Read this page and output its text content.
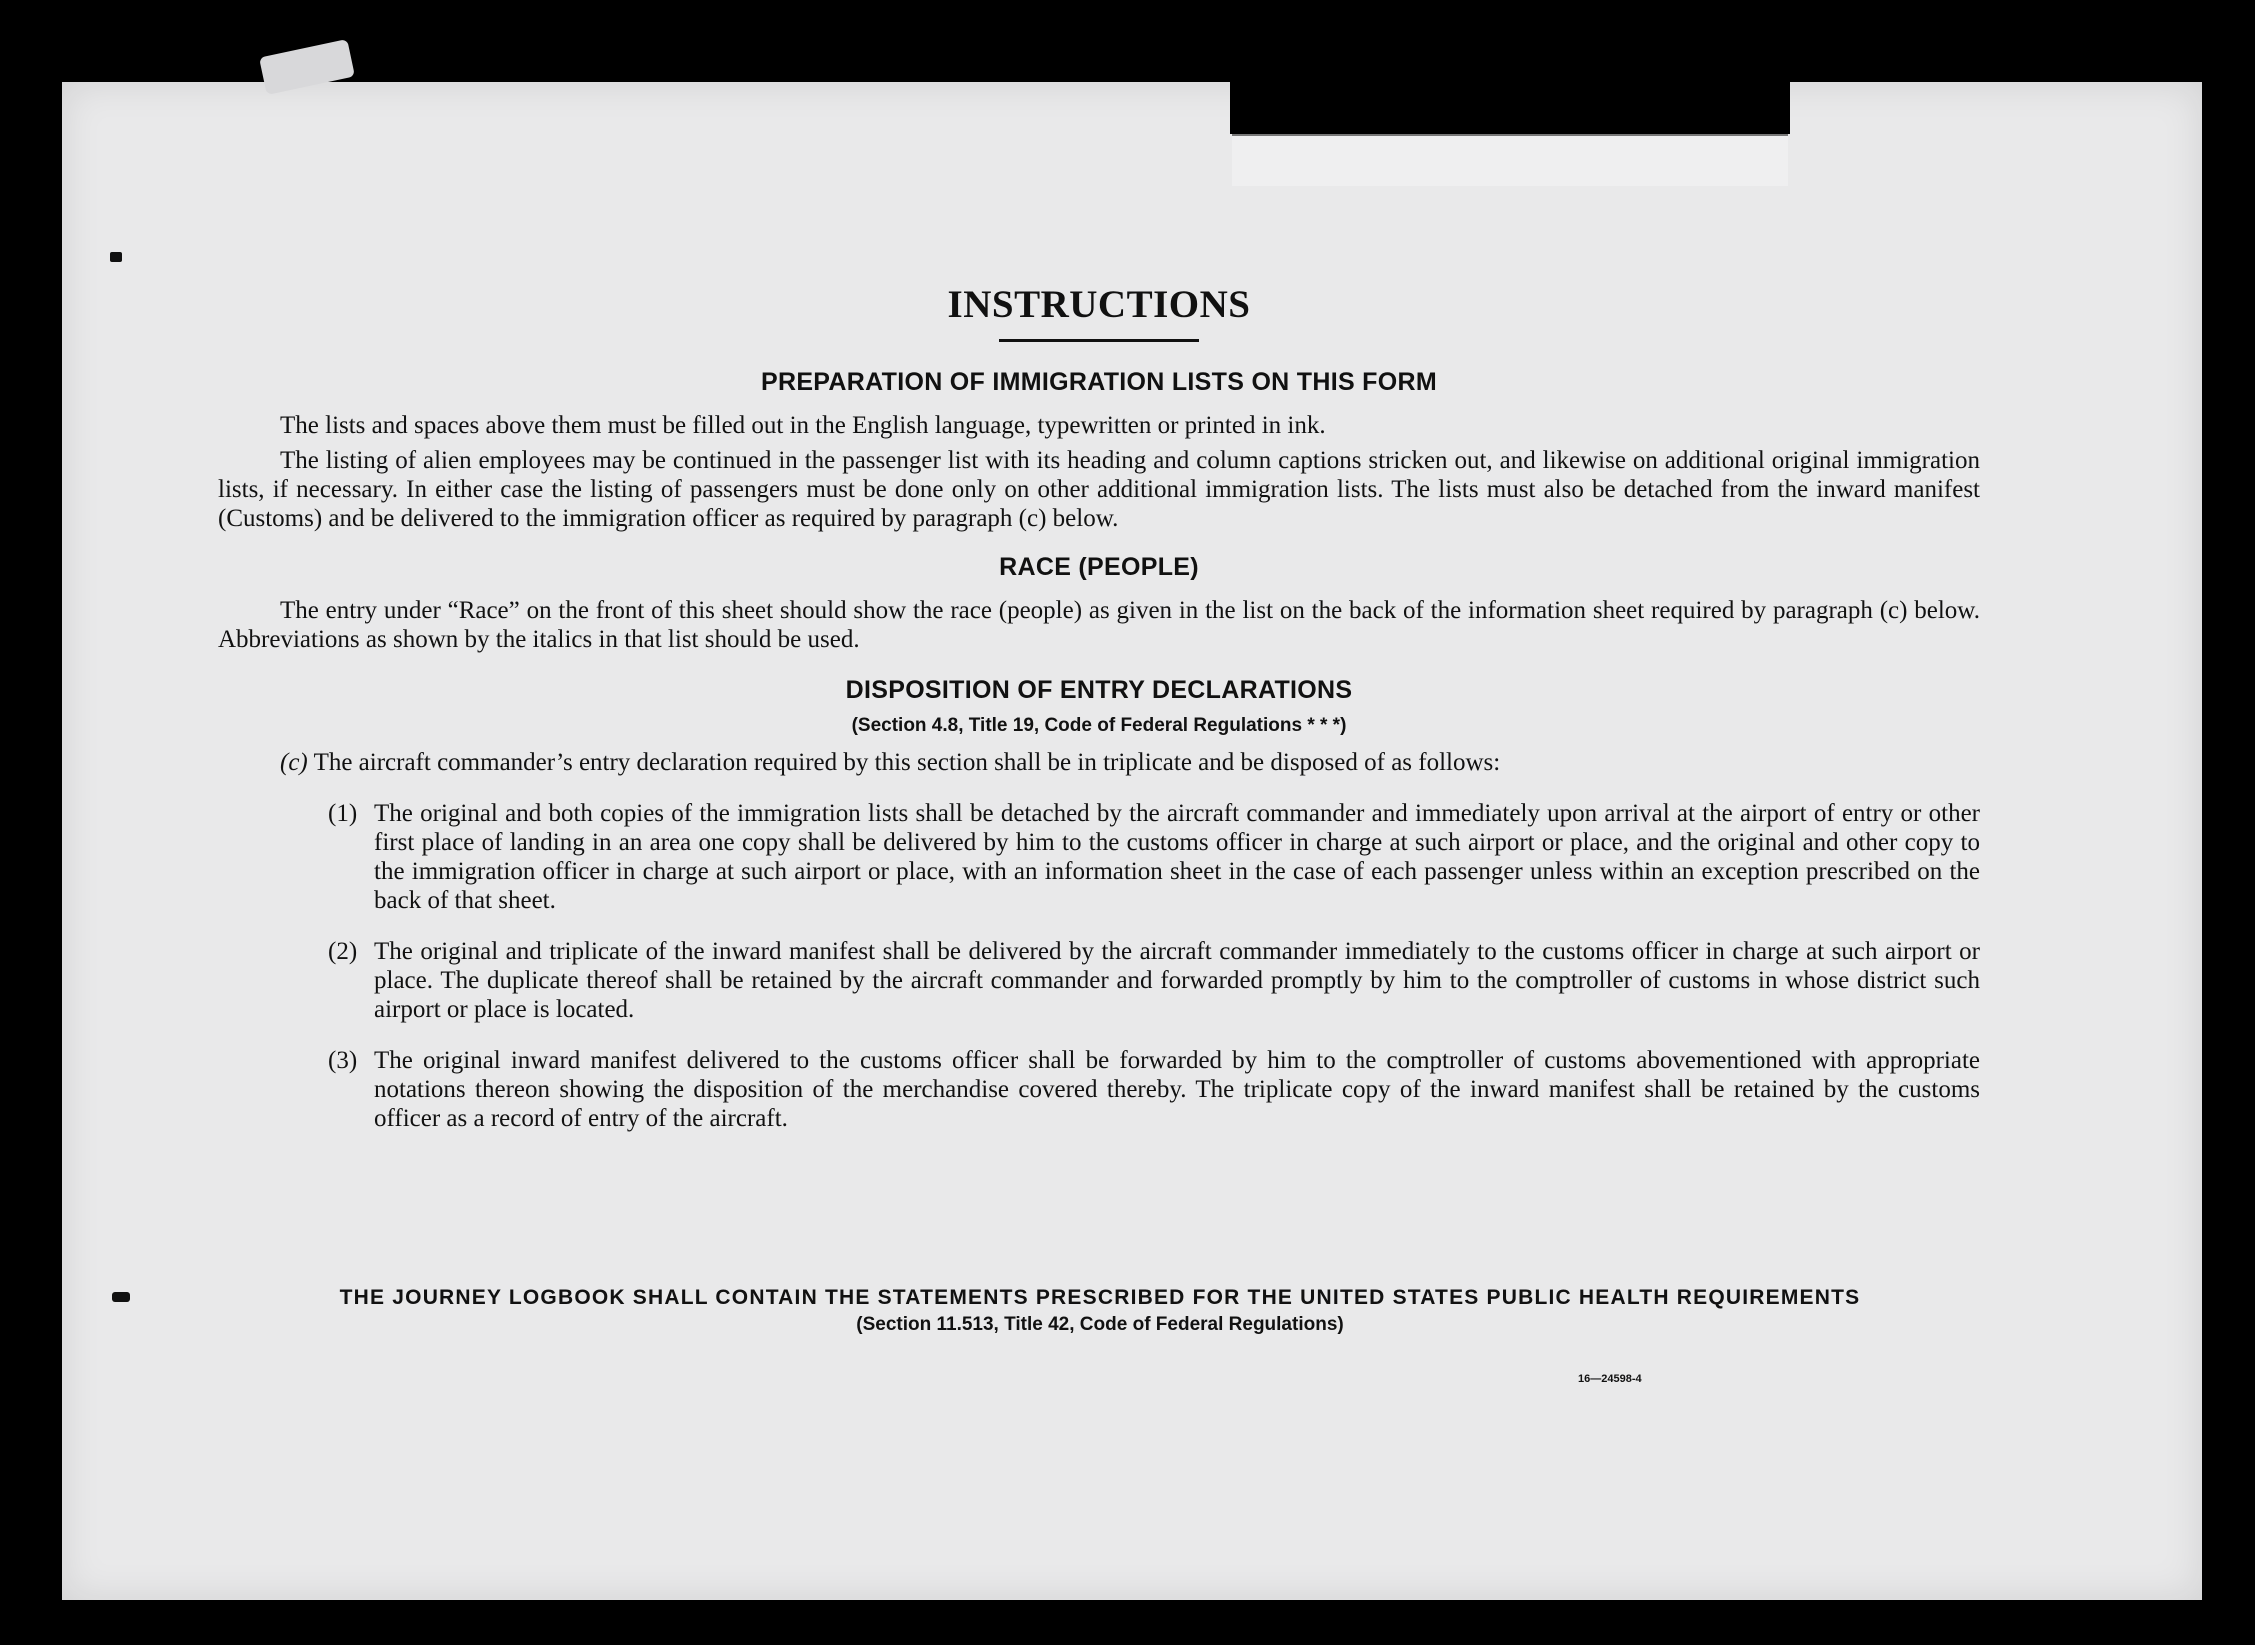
INSTRUCTIONS
PREPARATION OF IMMIGRATION LISTS ON THIS FORM

The lists and spaces above them must be filled out in the English language, typewritten or printed in ink.

The listing of alien employees may be continued in the passenger list with its heading and column captions stricken out, and likewise on additional original immigration lists, if necessary. In either case the listing of passengers must be done only on other additional immigration lists. The lists must also be detached from the inward manifest (Customs) and be delivered to the immigration officer as required by paragraph (c) below.

RACE (PEOPLE)

The entry under “Race” on the front of this sheet should show the race (people) as given in the list on the back of the information sheet required by paragraph (c) below. Abbreviations as shown by the italics in that list should be used.

DISPOSITION OF ENTRY DECLARATIONS
(Section 4.8, Title 19, Code of Federal Regulations * * *)
(c) The aircraft commander’s entry declaration required by this section shall be in triplicate and be disposed of as follows:
(1) The original and both copies of the immigration lists shall be detached by the aircraft commander and immediately upon arrival at the airport of entry or other first place of landing in an area one copy shall be delivered by him to the customs officer in charge at such airport or place, and the original and other copy to the immigration officer in charge at such airport or place, with an information sheet in the case of each passenger unless within an exception prescribed on the back of that sheet.
(2) The original and triplicate of the inward manifest shall be delivered by the aircraft commander immediately to the customs officer in charge at such airport or place. The duplicate thereof shall be retained by the aircraft commander and forwarded promptly by him to the comptroller of customs in whose district such airport or place is located.
(3) The original inward manifest delivered to the customs officer shall be forwarded by him to the comptroller of customs abovementioned with appropriate notations thereon showing the disposition of the merchandise covered thereby. The triplicate copy of the inward manifest shall be retained by the customs officer as a record of entry of the aircraft.
THE JOURNEY LOGBOOK SHALL CONTAIN THE STATEMENTS PRESCRIBED FOR THE UNITED STATES PUBLIC HEALTH REQUIREMENTS
(Section 11.513, Title 42, Code of Federal Regulations)
16—24598-4
